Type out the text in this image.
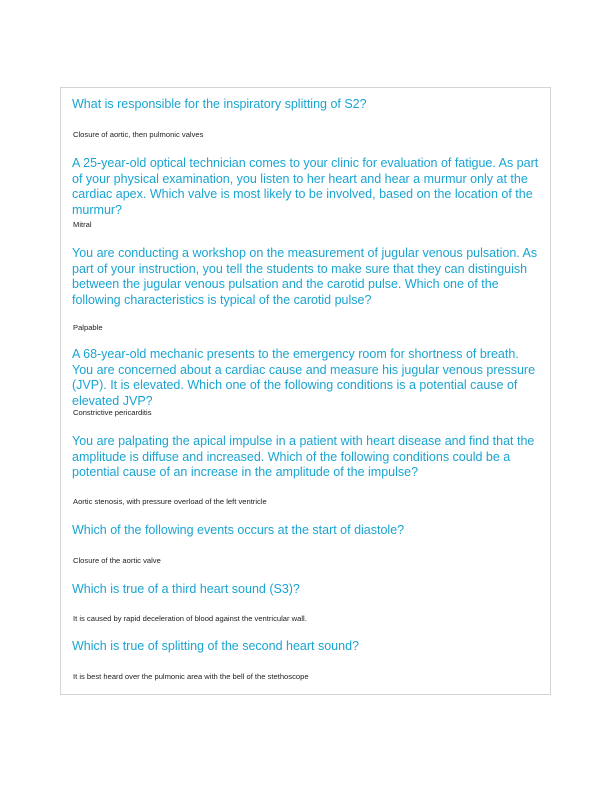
What is responsible for the inspiratory splitting of S2?

Closure of aortic, then pulmonic valves

A 25-year-old optical technician comes to your clinic for evaluation of fatigue. As part of your physical examination, you listen to her heart and hear a murmur only at the cardiac apex. Which valve is most likely to be involved, based on the location of the murmur?

Mitral

You are conducting a workshop on the measurement of jugular venous pulsation. As part of your instruction, you tell the students to make sure that they can distinguish between the jugular venous pulsation and the carotid pulse. Which one of the following characteristics is typical of the carotid pulse?

Palpable

A 68-year-old mechanic presents to the emergency room for shortness of breath. You are concerned about a cardiac cause and measure his jugular venous pressure (JVP). It is elevated. Which one of the following conditions is a potential cause of elevated JVP?

Constrictive pericarditis

You are palpating the apical impulse in a patient with heart disease and find that the amplitude is diffuse and increased. Which of the following conditions could be a potential cause of an increase in the amplitude of the impulse?

Aortic stenosis, with pressure overload of the left ventricle

Which of the following events occurs at the start of diastole?

Closure of the aortic valve

Which is true of a third heart sound (S3)?

It is caused by rapid deceleration of blood against the ventricular wall.

Which is true of splitting of the second heart sound?

It is best heard over the pulmonic area with the bell of the stethoscope
